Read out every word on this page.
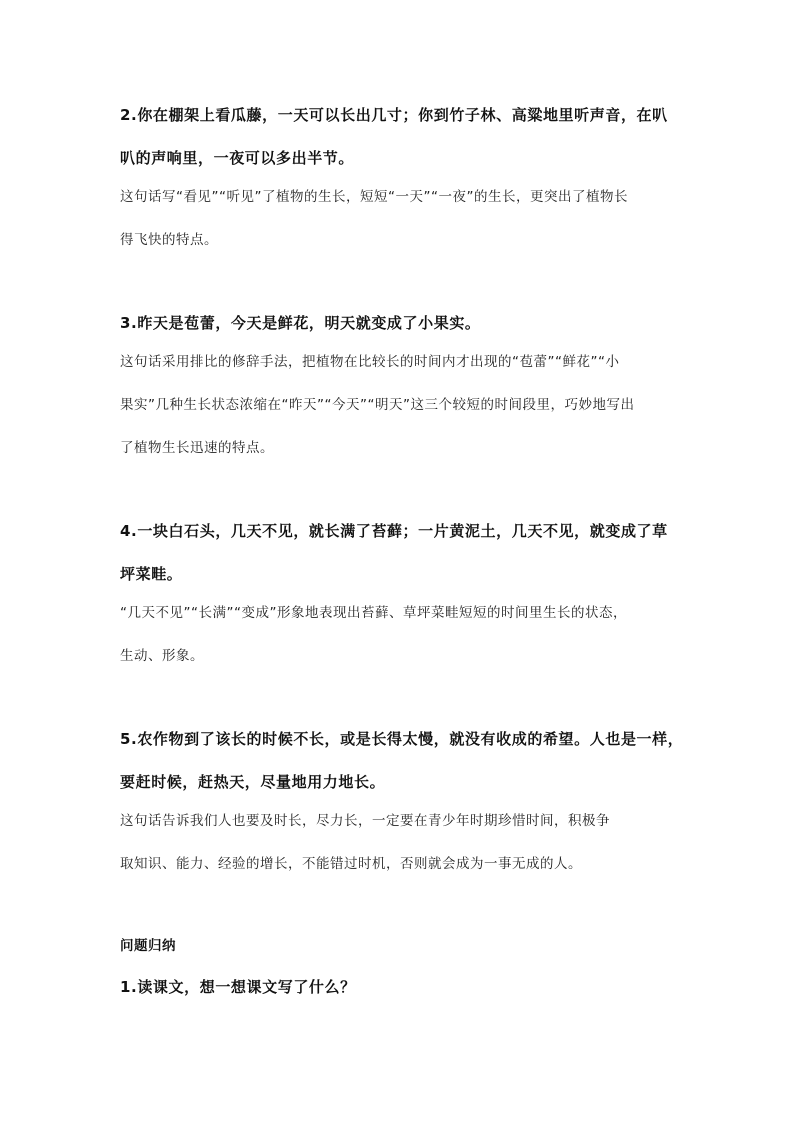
2.你在棚架上看瓜藤，一天可以长出几寸；你到竹子林、高粱地里听声音，在叭
叭的声响里，一夜可以多出半节。
这句话写“看见”“听见”了植物的生长，短短“一天”“一夜”的生长，更突出了植物长
得飞快的特点。
3.昨天是苞蕾，今天是鲜花，明天就变成了小果实。
这句话采用排比的修辞手法，把植物在比较长的时间内才出现的“苞蕾”“鲜花”“小
果实”几种生长状态浓缩在“昨天”“今天”“明天”这三个较短的时间段里，巧妙地写出
了植物生长迅速的特点。
4.一块白石头，几天不见，就长满了苔藓；一片黄泥土，几天不见，就变成了草
坪菜畦。
“几天不见”“长满”“变成”形象地表现出苔藓、草坪菜畦短短的时间里生长的状态，
生动、形象。
5.农作物到了该长的时候不长，或是长得太慢，就没有收成的希望。人也是一样，
要赶时候，赶热天，尽量地用力地长。
这句话告诉我们人也要及时长，尽力长，一定要在青少年时期珍惜时间，积极争
取知识、能力、经验的增长，不能错过时机，否则就会成为一事无成的人。
问题归纳
1.读课文，想一想课文写了什么？
